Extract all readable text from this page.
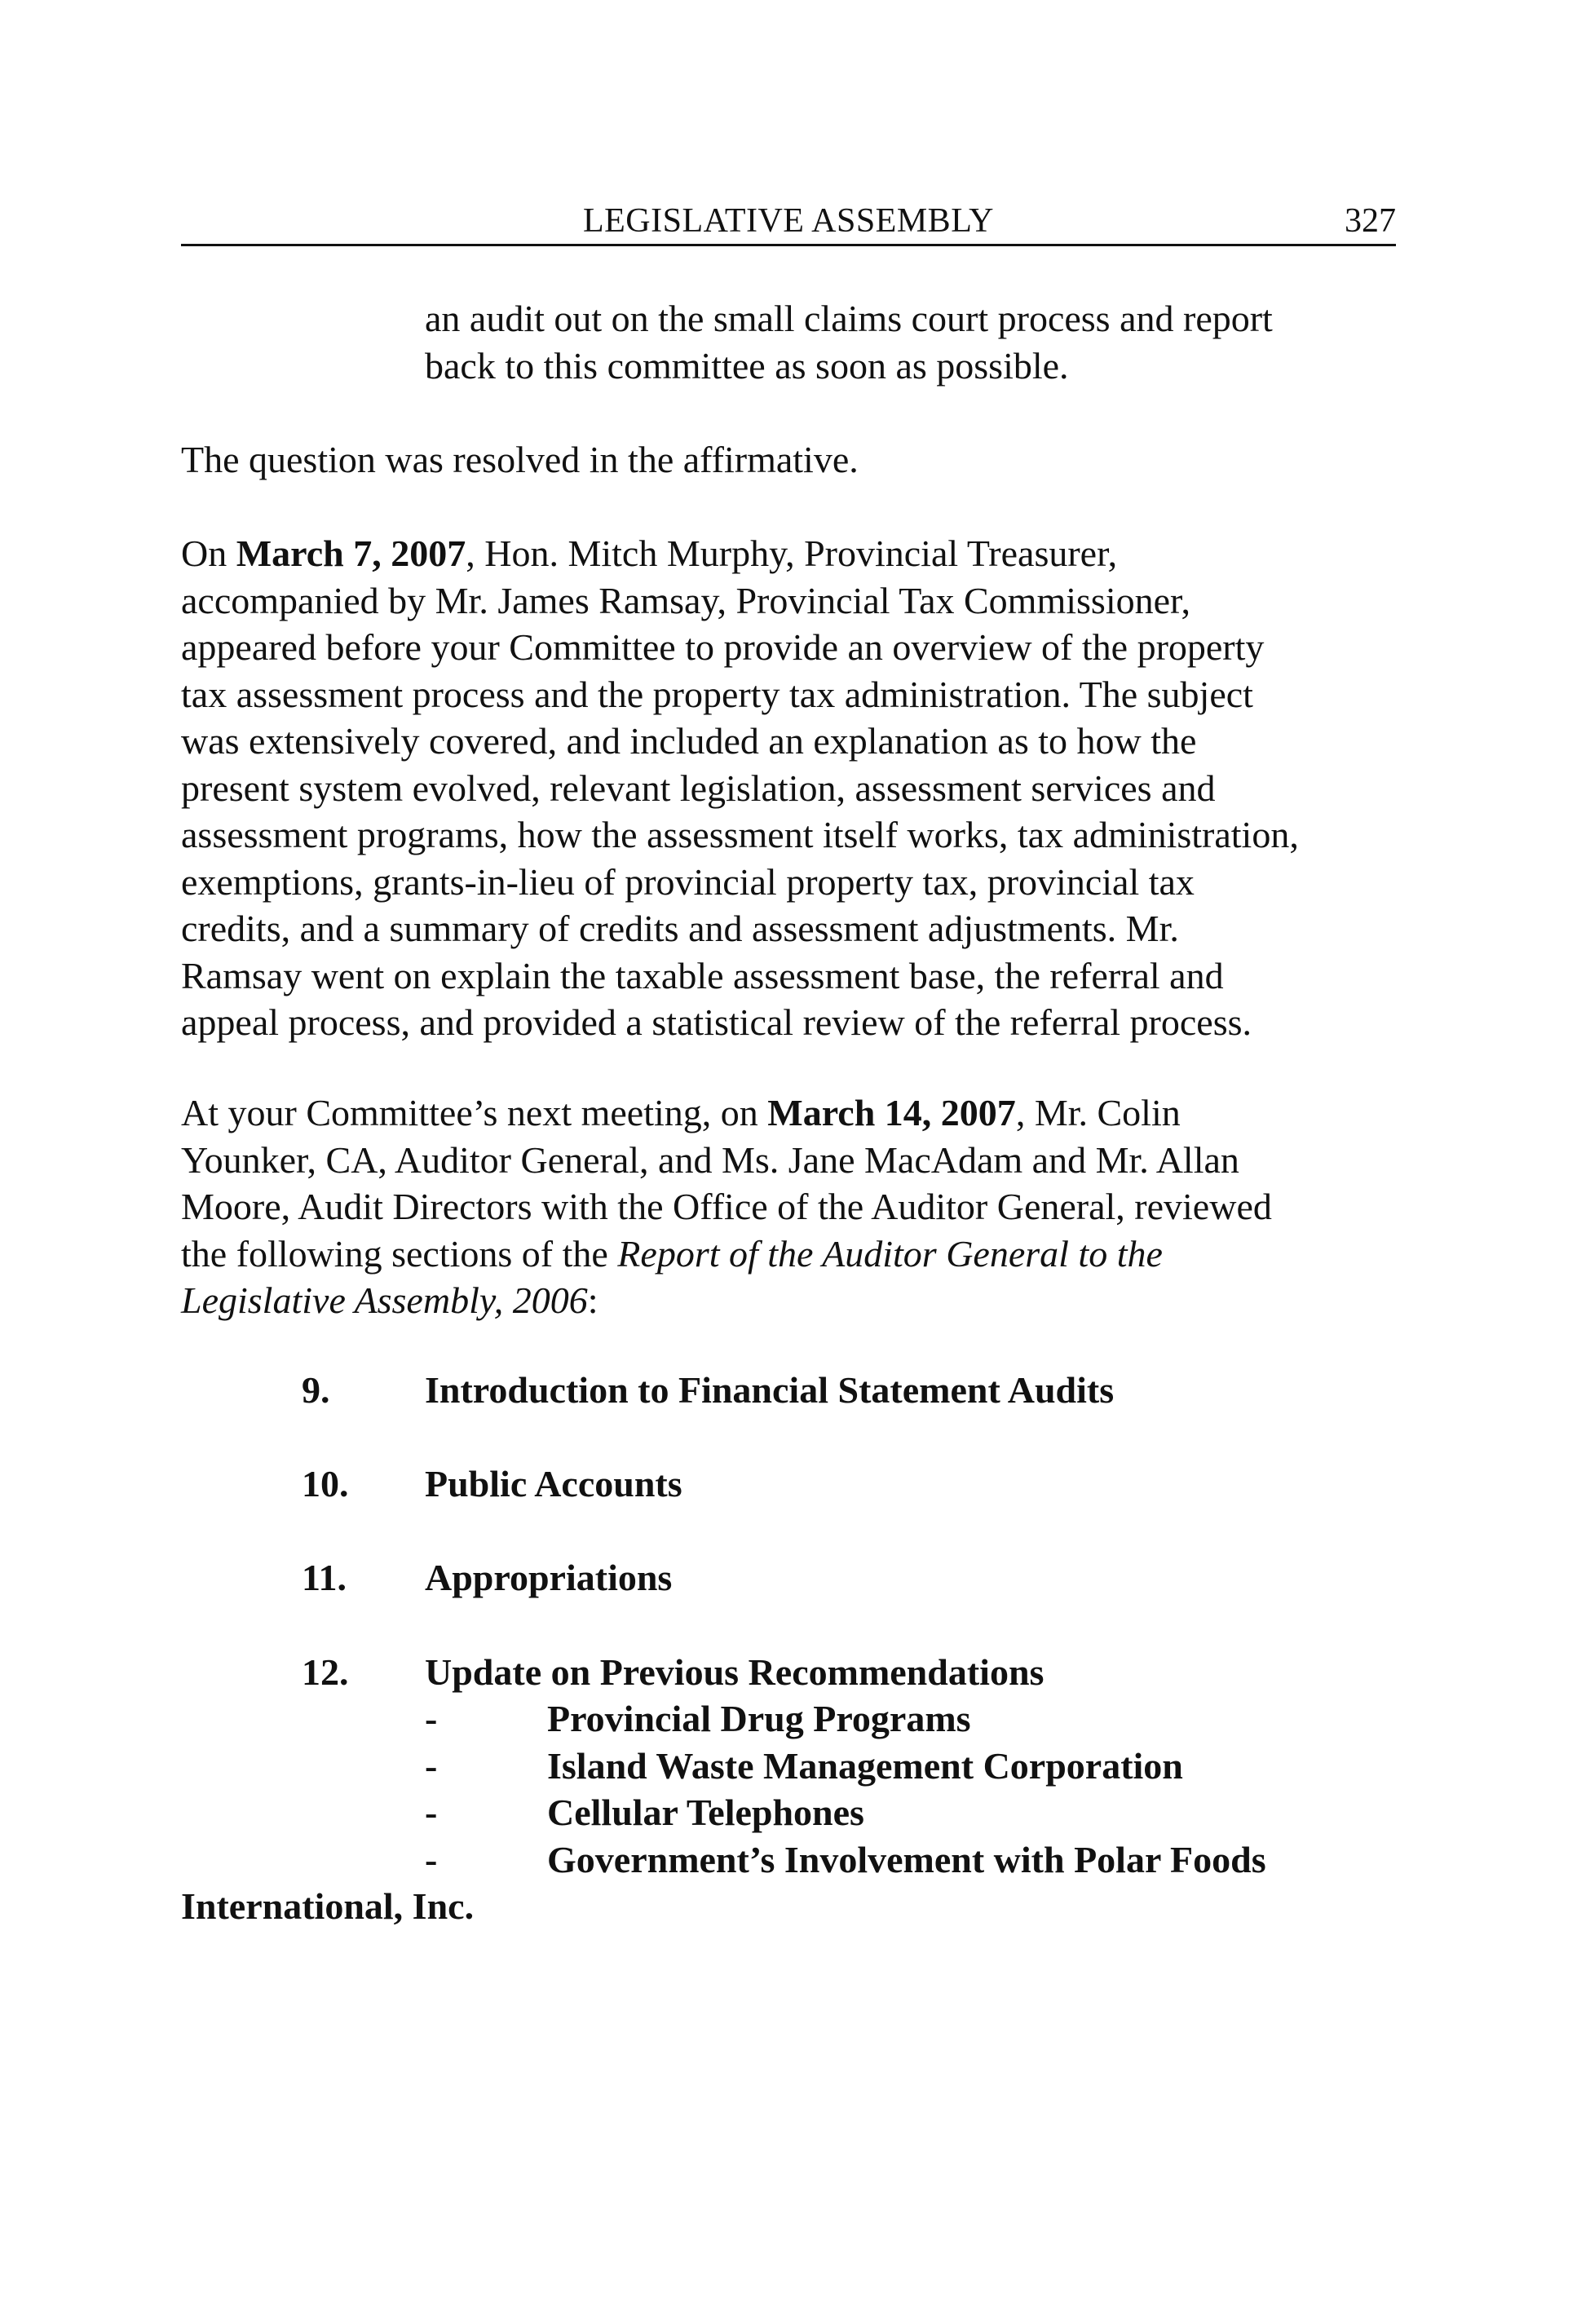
LEGISLATIVE ASSEMBLY	327

an audit out on the small claims court process and report
back to this committee as soon as possible.

The question was resolved in the affirmative.

On March 7, 2007, Hon. Mitch Murphy, Provincial Treasurer,
accompanied by Mr. James Ramsay, Provincial Tax Commissioner,
appeared before your Committee to provide an overview of the property
tax assessment process and the property tax administration. The subject
was extensively covered, and included an explanation as to how the
present system evolved, relevant legislation, assessment services and
assessment programs, how the assessment itself works, tax administration,
exemptions, grants-in-lieu of provincial property tax, provincial tax
credits, and a summary of credits and assessment adjustments. Mr.
Ramsay went on explain the taxable assessment base, the referral and
appeal process, and provided a statistical review of the referral process.

At your Committee’s next meeting, on March 14, 2007, Mr. Colin
Younker, CA, Auditor General, and Ms. Jane MacAdam and Mr. Allan
Moore, Audit Directors with the Office of the Auditor General, reviewed
the following sections of the Report of the Auditor General to the
Legislative Assembly, 2006:

9.	Introduction to Financial Statement Audits
10. Public Accounts
11. Appropriations
12. Update on Previous Recommendations
-	Provincial Drug Programs
-	Island Waste Management Corporation
-	Cellular Telephones
-	Government’s Involvement with Polar Foods
International, Inc.
